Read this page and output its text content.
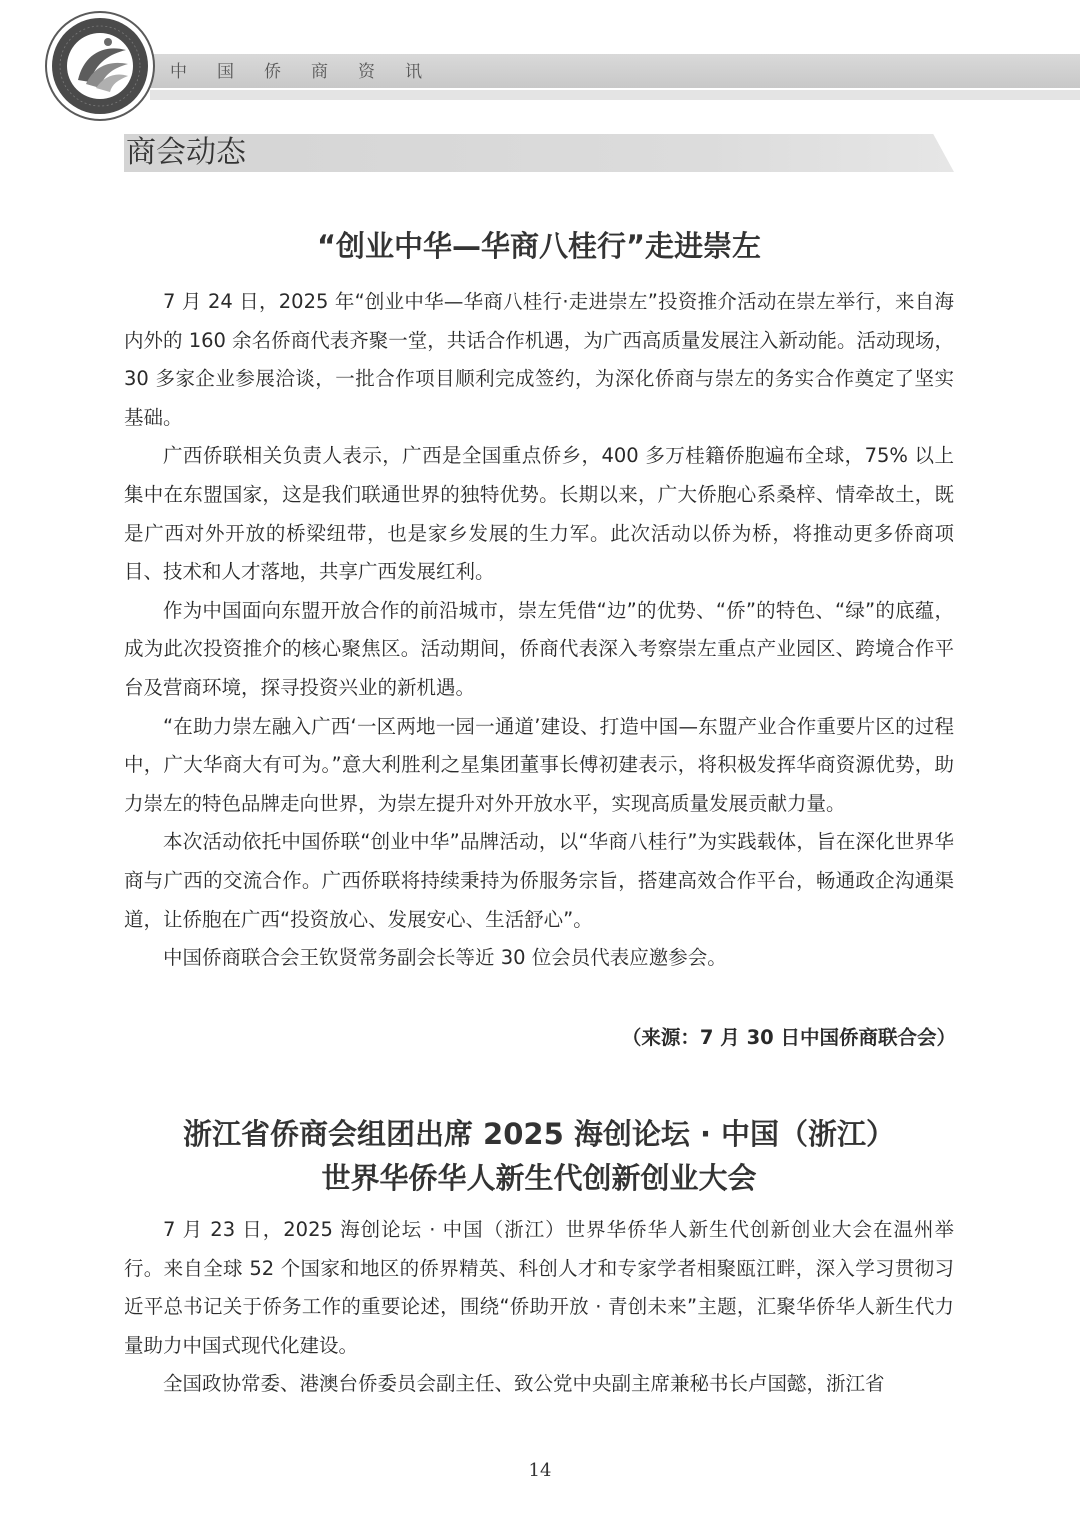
中国侨商资讯
商会动态
“创业中华—华商八桂行”走进崇左

7 月 24 日，2025 年“创业中华—华商八桂行·走进崇左”投资推介活动在崇左举行，来自海内外的 160 余名侨商代表齐聚一堂，共话合作机遇，为广西高质量发展注入新动能。活动现场，30 多家企业参展洽谈，一批合作项目顺利完成签约，为深化侨商与崇左的务实合作奠定了坚实基础。

广西侨联相关负责人表示，广西是全国重点侨乡，400 多万桂籍侨胞遍布全球，75% 以上集中在东盟国家，这是我们联通世界的独特优势。长期以来，广大侨胞心系桑梓、情牵故土，既是广西对外开放的桥梁纽带，也是家乡发展的生力军。此次活动以侨为桥，将推动更多侨商项目、技术和人才落地，共享广西发展红利。

作为中国面向东盟开放合作的前沿城市，崇左凭借“边”的优势、“侨”的特色、“绿”的底蕴，成为此次投资推介的核心聚焦区。活动期间，侨商代表深入考察崇左重点产业园区、跨境合作平台及营商环境，探寻投资兴业的新机遇。

“在助力崇左融入广西‘一区两地一园一通道’建设、打造中国—东盟产业合作重要片区的过程中，广大华商大有可为。”意大利胜利之星集团董事长傅初建表示，将积极发挥华商资源优势，助力崇左的特色品牌走向世界，为崇左提升对外开放水平，实现高质量发展贡献力量。

本次活动依托中国侨联“创业中华”品牌活动，以“华商八桂行”为实践载体，旨在深化世界华商与广西的交流合作。广西侨联将持续秉持为侨服务宗旨，搭建高效合作平台，畅通政企沟通渠道，让侨胞在广西“投资放心、发展安心、生活舒心”。

中国侨商联合会王钦贤常务副会长等近 30 位会员代表应邀参会。

（来源：7 月 30 日中国侨商联合会）
浙江省侨商会组团出席 2025 海创论坛 · 中国（浙江）
世界华侨华人新生代创新创业大会

7 月 23 日，2025 海创论坛 · 中国（浙江）世界华侨华人新生代创新创业大会在温州举行。来自全球 52 个国家和地区的侨界精英、科创人才和专家学者相聚瓯江畔，深入学习贯彻习近平总书记关于侨务工作的重要论述，围绕“侨助开放 · 青创未来”主题，汇聚华侨华人新生代力量助力中国式现代化建设。

全国政协常委、港澳台侨委员会副主任、致公党中央副主席兼秘书长卢国懿，浙江省

14
